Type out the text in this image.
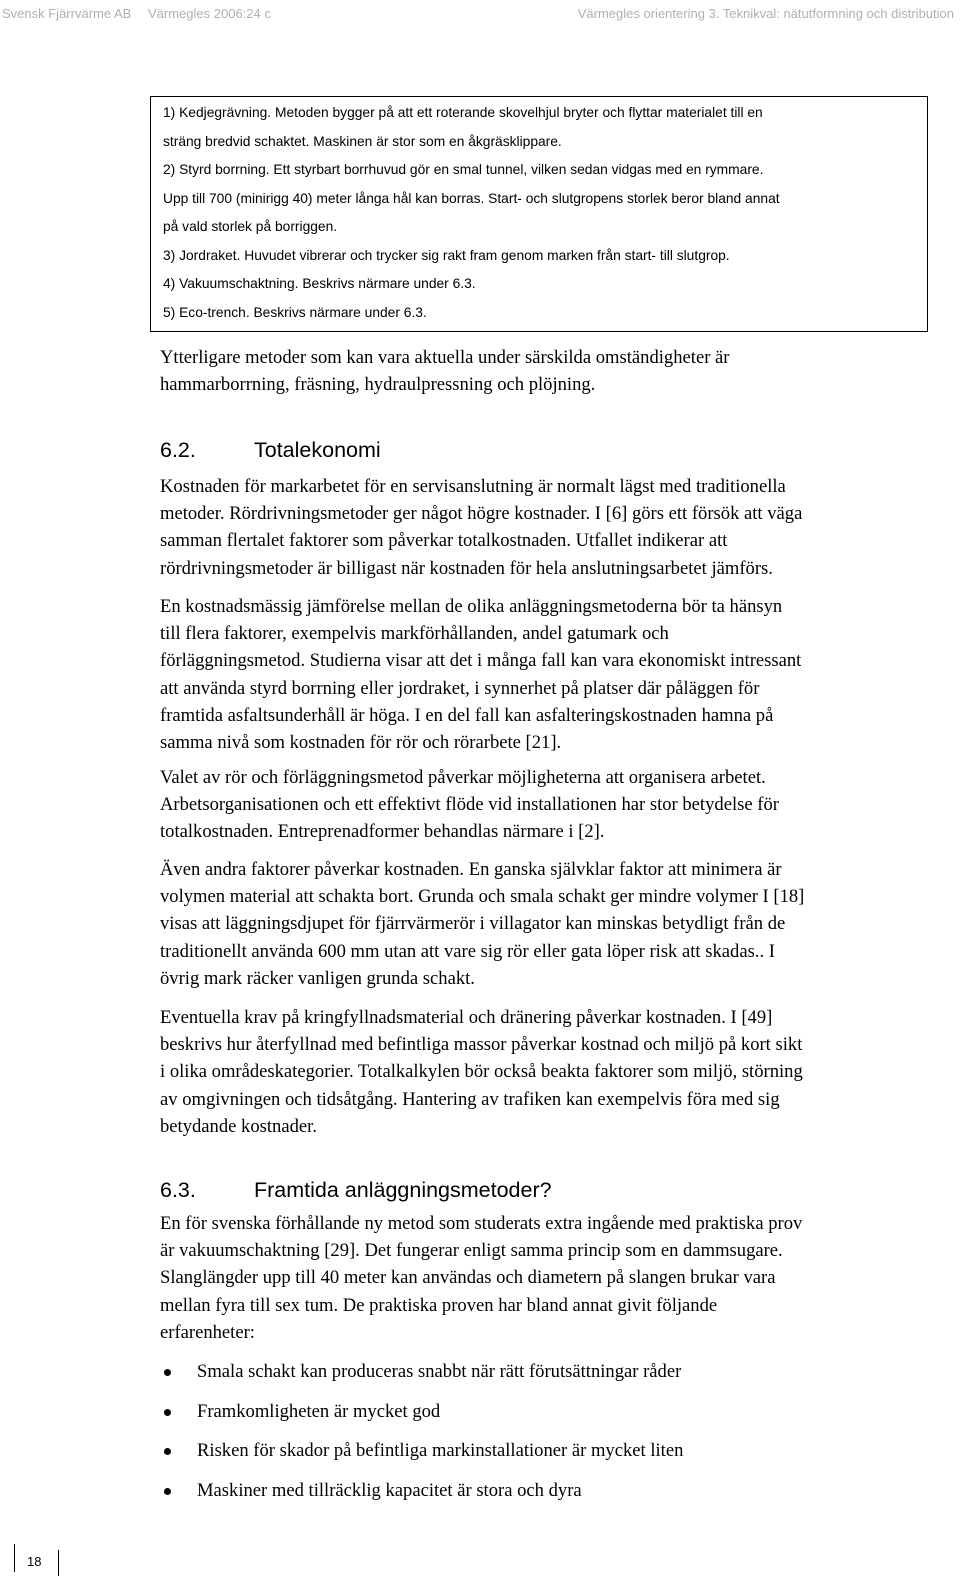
Svensk Fjärrvärme AB Värmegles 2006:24 c	Värmegles orientering 3. Teknikval: nätutformning och distribution

1) Kedjegrävning. Metoden bygger på att ett roterande skovelhjul bryter och flyttar materialet till en

sträng bredvid schaktet. Maskinen är stor som en åkgräsklippare.

2) Styrd borrning. Ett styrbart borrhuvud gör en smal tunnel, vilken sedan vidgas med en rymmare.

Upp till 700 (minirigg 40) meter långa hål kan borras. Start- och slutgropens storlek beror bland annat

på vald storlek på borriggen.

3) Jordraket. Huvudet vibrerar och trycker sig rakt fram genom marken från start- till slutgrop.

4) Vakuumschaktning. Beskrivs närmare under 6.3.

5) Eco-trench. Beskrivs närmare under 6.3.

Ytterligare metoder som kan vara aktuella under särskilda omständigheter är
hammarborrning, fräsning, hydraulpressning och plöjning.

6.2.	Totalekonomi

Kostnaden för markarbetet för en servisanslutning är normalt lägst med traditionella
metoder. Rördrivningsmetoder ger något högre kostnader. I [6] görs ett försök att väga
samman flertalet faktorer som påverkar totalkostnaden. Utfallet indikerar att
rördrivningsmetoder är billigast när kostnaden för hela anslutningsarbetet jämförs.

En kostnadsmässig jämförelse mellan de olika anläggningsmetoderna bör ta hänsyn
till flera faktorer, exempelvis markförhållanden, andel gatumark och
förläggningsmetod. Studierna visar att det i många fall kan vara ekonomiskt intressant
att använda styrd borrning eller jordraket, i synnerhet på platser där påläggen för
framtida asfaltsunderhåll är höga. I en del fall kan asfalteringskostnaden hamna på
samma nivå som kostnaden för rör och rörarbete [21].

Valet av rör och förläggningsmetod påverkar möjligheterna att organisera arbetet.
Arbetsorganisationen och ett effektivt flöde vid installationen har stor betydelse för
totalkostnaden. Entreprenadformer behandlas närmare i [2].

Även andra faktorer påverkar kostnaden. En ganska självklar faktor att minimera är
volymen material att schakta bort. Grunda och smala schakt ger mindre volymer I [18]
visas att läggningsdjupet för fjärrvärmerör i villagator kan minskas betydligt från de
traditionellt använda 600 mm utan att vare sig rör eller gata löper risk att skadas.. I
övrig mark räcker vanligen grunda schakt.

Eventuella krav på kringfyllnadsmaterial och dränering påverkar kostnaden. I [49]
beskrivs hur återfyllnad med befintliga massor påverkar kostnad och miljö på kort sikt
i olika områdeskategorier. Totalkalkylen bör också beakta faktorer som miljö, störning
av omgivningen och tidsåtgång. Hantering av trafiken kan exempelvis föra med sig
betydande kostnader.

6.3.	Framtida anläggningsmetoder?

En för svenska förhållande ny metod som studerats extra ingående med praktiska prov
är vakuumschaktning [29]. Det fungerar enligt samma princip som en dammsugare.
Slanglängder upp till 40 meter kan användas och diametern på slangen brukar vara
mellan fyra till sex tum. De praktiska proven har bland annat givit följande
erfarenheter:

Smala schakt kan produceras snabbt när rätt förutsättningar råder
Framkomligheten är mycket god
Risken för skador på befintliga markinstallationer är mycket liten
Maskiner med tillräcklig kapacitet är stora och dyra
18
